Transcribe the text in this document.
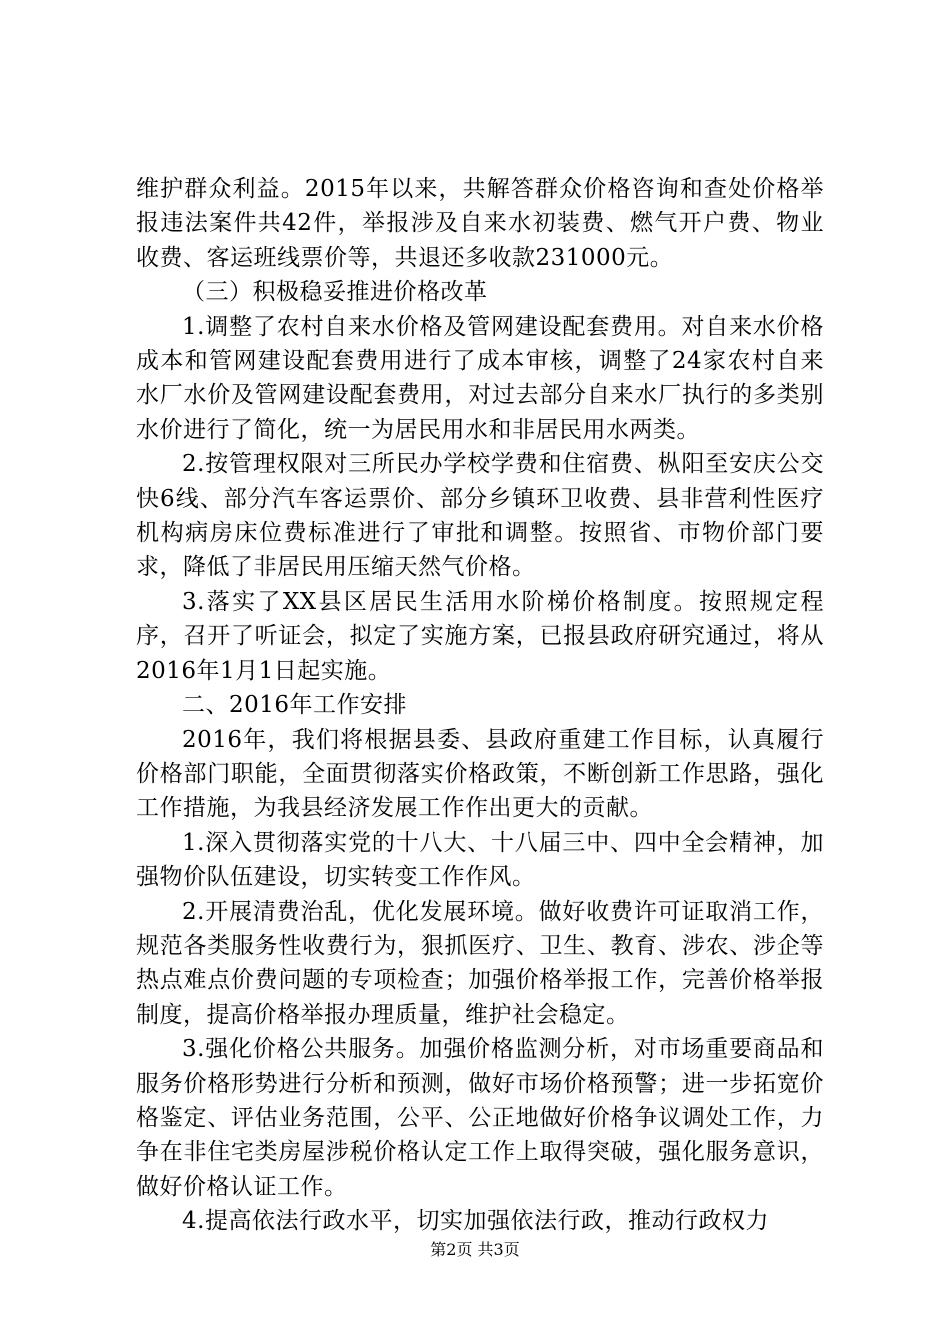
维护群众利益。2015年以来，共解答群众价格咨询和查处价格举报违法案件共42件，举报涉及自来水初装费、燃气开户费、物业收费、客运班线票价等，共退还多收款231000元。

（三）积极稳妥推进价格改革

1.调整了农村自来水价格及管网建设配套费用。对自来水价格成本和管网建设配套费用进行了成本审核，调整了24家农村自来水厂水价及管网建设配套费用，对过去部分自来水厂执行的多类别水价进行了简化，统一为居民用水和非居民用水两类。

2.按管理权限对三所民办学校学费和住宿费、枞阳至安庆公交快6线、部分汽车客运票价、部分乡镇环卫收费、县非营利性医疗机构病房床位费标准进行了审批和调整。按照省、市物价部门要求，降低了非居民用压缩天然气价格。

3.落实了XX县区居民生活用水阶梯价格制度。按照规定程序，召开了听证会，拟定了实施方案，已报县政府研究通过，将从2016年1月1日起实施。

二、2016年工作安排

2016年，我们将根据县委、县政府重建工作目标，认真履行价格部门职能，全面贯彻落实价格政策，不断创新工作思路，强化工作措施，为我县经济发展工作作出更大的贡献。

1.深入贯彻落实党的十八大、十八届三中、四中全会精神，加强物价队伍建设，切实转变工作作风。

2.开展清费治乱，优化发展环境。做好收费许可证取消工作，规范各类服务性收费行为，狠抓医疗、卫生、教育、涉农、涉企等热点难点价费问题的专项检查；加强价格举报工作，完善价格举报制度，提高价格举报办理质量，维护社会稳定。

3.强化价格公共服务。加强价格监测分析，对市场重要商品和服务价格形势进行分析和预测，做好市场价格预警；进一步拓宽价格鉴定、评估业务范围，公平、公正地做好价格争议调处工作，力争在非住宅类房屋涉税价格认定工作上取得突破，强化服务意识，做好价格认证工作。

4.提高依法行政水平，切实加强依法行政，推动行政权力

第2页 共3页
